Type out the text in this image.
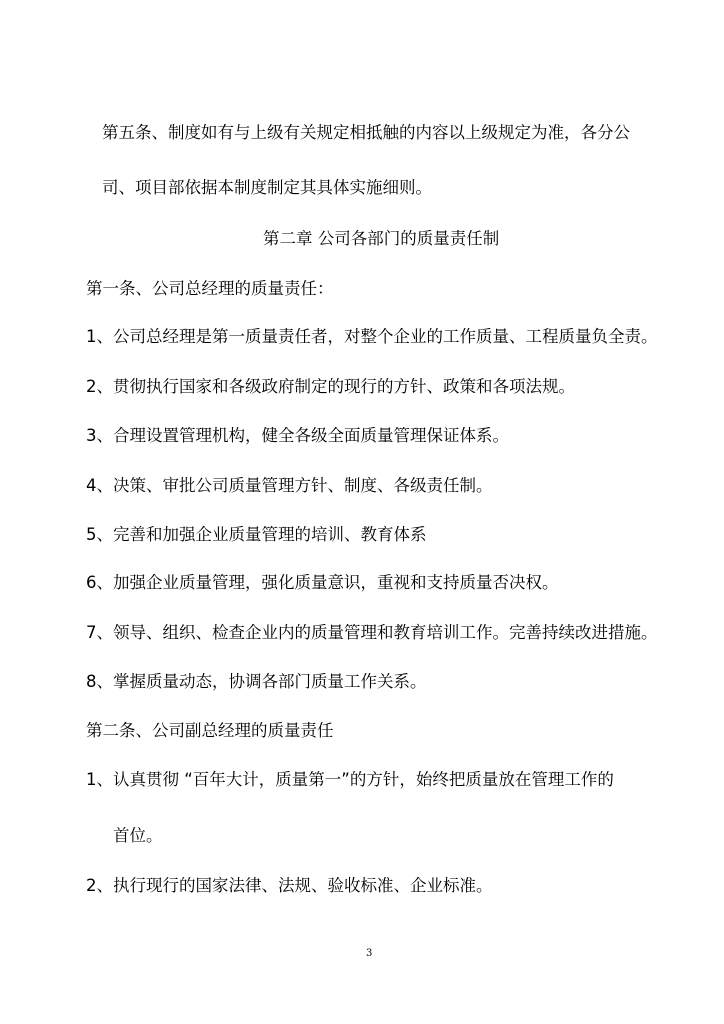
第五条、制度如有与上级有关规定相抵触的内容以上级规定为准，各分公
司、项目部依据本制度制定其具体实施细则。
第二章 公司各部门的质量责任制
第一条、公司总经理的质量责任：
1、公司总经理是第一质量责任者，对整个企业的工作质量、工程质量负全责。
2、贯彻执行国家和各级政府制定的现行的方针、政策和各项法规。
3、合理设置管理机构，健全各级全面质量管理保证体系。
4、决策、审批公司质量管理方针、制度、各级责任制。
5、完善和加强企业质量管理的培训、教育体系
6、加强企业质量管理，强化质量意识，重视和支持质量否决权。
7、领导、组织、检查企业内的质量管理和教育培训工作。完善持续改进措施。
8、掌握质量动态，协调各部门质量工作关系。
第二条、公司副总经理的质量责任
1、认真贯彻 “百年大计，质量第一”的方针，始终把质量放在管理工作的
首位。
2、执行现行的国家法律、法规、验收标准、企业标准。
3
